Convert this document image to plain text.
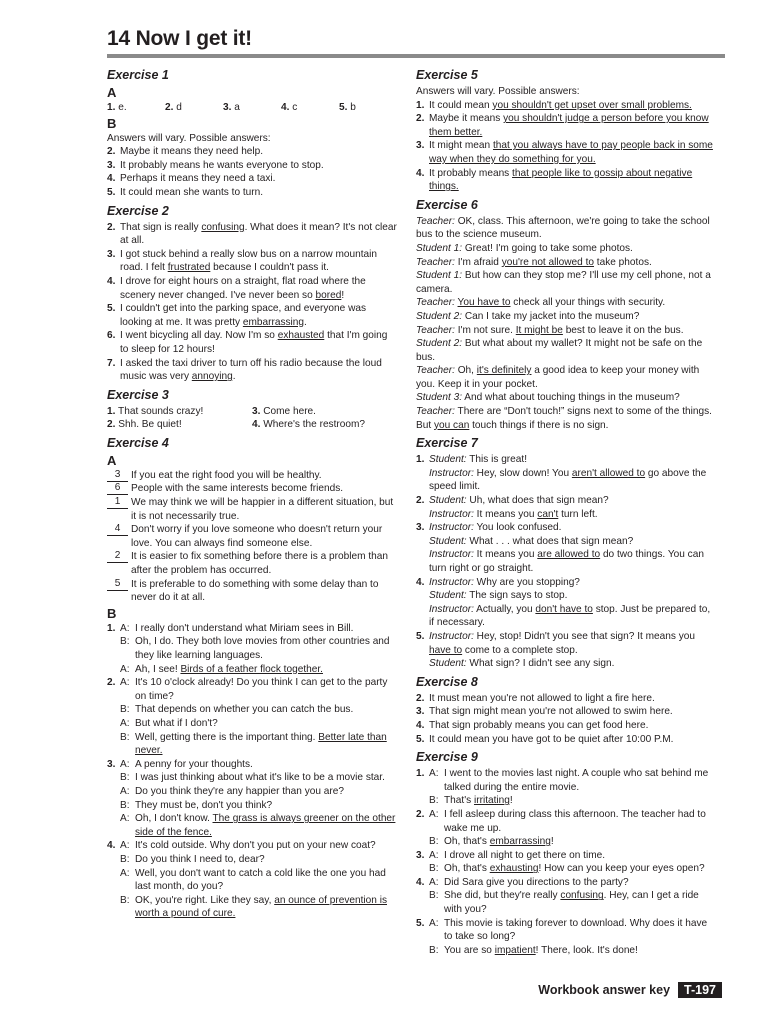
14 Now I get it!
Exercise 1
A
1. e.	2. d	3. a	4. c	5. b
B
Answers will vary. Possible answers:
2. Maybe it means they need help.
3. It probably means he wants everyone to stop.
4. Perhaps it means they need a taxi.
5. It could mean she wants to turn.
Exercise 2
2. That sign is really confusing. What does it mean? It's not clear at all.
3. I got stuck behind a really slow bus on a narrow mountain road. I felt frustrated because I couldn't pass it.
4. I drove for eight hours on a straight, flat road where the scenery never changed. I've never been so bored!
5. I couldn't get into the parking space, and everyone was looking at me. It was pretty embarrassing.
6. I went bicycling all day. Now I'm so exhausted that I'm going to sleep for 12 hours!
7. I asked the taxi driver to turn off his radio because the loud music was very annoying.
Exercise 3
1. That sounds crazy!	3. Come here.
2. Shh. Be quiet!	4. Where's the restroom?
Exercise 4
A
3	If you eat the right food you will be healthy.
6	People with the same interests become friends.
1	We may think we will be happier in a different situation, but it is not necessarily true.
4	Don't worry if you love someone who doesn't return your love. You can always find someone else.
2	It is easier to fix something before there is a problem than after the problem has occurred.
5	It is preferable to do something with some delay than to never do it at all.
B
1. A: I really don't understand what Miriam sees in Bill.
B: Oh, I do. They both love movies from other countries and they like learning languages.
A: Ah, I see! Birds of a feather flock together.
2. A: It's 10 o'clock already! Do you think I can get to the party on time?
B: That depends on whether you can catch the bus.
A: But what if I don't?
B: Well, getting there is the important thing. Better late than never.
3. A: A penny for your thoughts.
B: I was just thinking about what it's like to be a movie star.
A: Do you think they're any happier than you are?
B: They must be, don't you think?
A: Oh, I don't know. The grass is always greener on the other side of the fence.
4. A: It's cold outside. Why don't you put on your new coat?
B: Do you think I need to, dear?
A: Well, you don't want to catch a cold like the one you had last month, do you?
B: OK, you're right. Like they say, an ounce of prevention is worth a pound of cure.
Exercise 5
Answers will vary. Possible answers:
1. It could mean you shouldn't get upset over small problems.
2. Maybe it means you shouldn't judge a person before you know them better.
3. It might mean that you always have to pay people back in some way when they do something for you.
4. It probably means that people like to gossip about negative things.
Exercise 6
Teacher: OK, class. This afternoon, we're going to take the school bus to the science museum.
Student 1: Great! I'm going to take some photos.
Teacher: I'm afraid you're not allowed to take photos.
Student 1: But how can they stop me? I'll use my cell phone, not a camera.
Teacher: You have to check all your things with security.
Student 2: Can I take my jacket into the museum?
Teacher: I'm not sure. It might be best to leave it on the bus.
Student 2: But what about my wallet? It might not be safe on the bus.
Teacher: Oh, it's definitely a good idea to keep your money with you. Keep it in your pocket.
Student 3: And what about touching things in the museum?
Teacher: There are “Don't touch!” signs next to some of the things. But you can touch things if there is no sign.
Exercise 7
1. Student: This is great!
Instructor: Hey, slow down! You aren't allowed to go above the speed limit.
2. Student: Uh, what does that sign mean?
Instructor: It means you can't turn left.
3. Instructor: You look confused.
Student: What . . . what does that sign mean?
Instructor: It means you are allowed to do two things. You can turn right or go straight.
4. Instructor: Why are you stopping?
Student: The sign says to stop.
Instructor: Actually, you don't have to stop. Just be prepared to, if necessary.
5. Instructor: Hey, stop! Didn't you see that sign? It means you have to come to a complete stop.
Student: What sign? I didn't see any sign.
Exercise 8
2. It must mean you're not allowed to light a fire here.
3. That sign might mean you're not allowed to swim here.
4. That sign probably means you can get food here.
5. It could mean you have got to be quiet after 10:00 P.M.
Exercise 9
1. A: I went to the movies last night. A couple who sat behind me talked during the entire movie.
B: That's irritating!
2. A: I fell asleep during class this afternoon. The teacher had to wake me up.
B: Oh, that's embarrassing!
3. A: I drove all night to get there on time.
B: Oh, that's exhausting! How can you keep your eyes open?
4. A: Did Sara give you directions to the party?
B: She did, but they're really confusing. Hey, can I get a ride with you?
5. A: This movie is taking forever to download. Why does it have to take so long?
B: You are so impatient! There, look. It's done!
Workbook answer key	T-197
